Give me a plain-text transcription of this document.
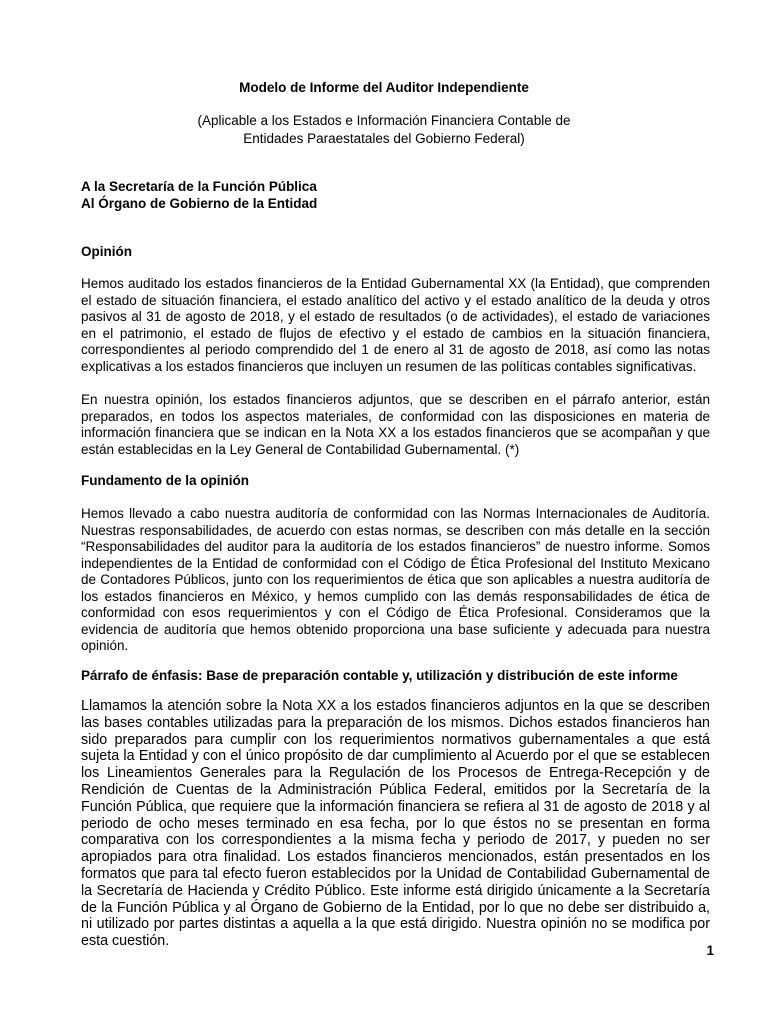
Modelo de Informe del Auditor Independiente
(Aplicable a los Estados e Información Financiera Contable de
Entidades Paraestatales del Gobierno Federal)
A la Secretaría de la Función Pública
Al Órgano de Gobierno de la Entidad
Opinión
Hemos auditado los estados financieros de la Entidad Gubernamental XX (la Entidad), que comprenden el estado de situación financiera, el estado analítico del activo y el estado analítico de la deuda y otros pasivos al 31 de agosto de 2018, y el estado de resultados (o de actividades), el estado de variaciones en el patrimonio, el estado de flujos de efectivo y el estado de cambios en la situación financiera, correspondientes al periodo comprendido del 1 de enero al 31 de agosto de 2018, así como las notas explicativas a los estados financieros que incluyen un resumen de las políticas contables significativas.
En nuestra opinión, los estados financieros adjuntos, que se describen en el párrafo anterior, están preparados, en todos los aspectos materiales, de conformidad con las disposiciones en materia de información financiera que se indican en la Nota XX a los estados financieros que se acompañan y que están establecidas en la Ley General de Contabilidad Gubernamental. (*)
Fundamento de la opinión
Hemos llevado a cabo nuestra auditoría de conformidad con las Normas Internacionales de Auditoría. Nuestras responsabilidades, de acuerdo con estas normas, se describen con más detalle en la sección “Responsabilidades del auditor para la auditoría de los estados financieros” de nuestro informe. Somos independientes de la Entidad de conformidad con el Código de Ética Profesional del Instituto Mexicano de Contadores Públicos, junto con los requerimientos de ética que son aplicables a nuestra auditoría de los estados financieros en México, y hemos cumplido con las demás responsabilidades de ética de conformidad con esos requerimientos y con el Código de Ética Profesional. Consideramos que la evidencia de auditoría que hemos obtenido proporciona una base suficiente y adecuada para nuestra opinión.
Párrafo de énfasis: Base de preparación contable y, utilización y distribución de este informe
Llamamos la atención sobre la Nota XX a los estados financieros adjuntos en la que se describen las bases contables utilizadas para la preparación de los mismos. Dichos estados financieros han sido preparados para cumplir con los requerimientos normativos gubernamentales a que está sujeta la Entidad y con el único propósito de dar cumplimiento al Acuerdo por el que se establecen los Lineamientos Generales para la Regulación de los Procesos de Entrega-Recepción y de Rendición de Cuentas de la Administración Pública Federal, emitidos por la Secretaría de la Función Pública, que requiere que la información financiera se refiera al 31 de agosto de 2018 y al periodo de ocho meses terminado en esa fecha, por lo que éstos no se presentan en forma comparativa con los correspondientes a la misma fecha y periodo de 2017, y pueden no ser apropiados para otra finalidad. Los estados financieros mencionados, están presentados en los formatos que para tal efecto fueron establecidos por la Unidad de Contabilidad Gubernamental de la Secretaría de Hacienda y Crédito Público. Este informe está dirigido únicamente a la Secretaría de la Función Pública y al Órgano de Gobierno de la Entidad, por lo que no debe ser distribuido a, ni utilizado por partes distintas a aquella a la que está dirigido. Nuestra opinión no se modifica por esta cuestión.
1
